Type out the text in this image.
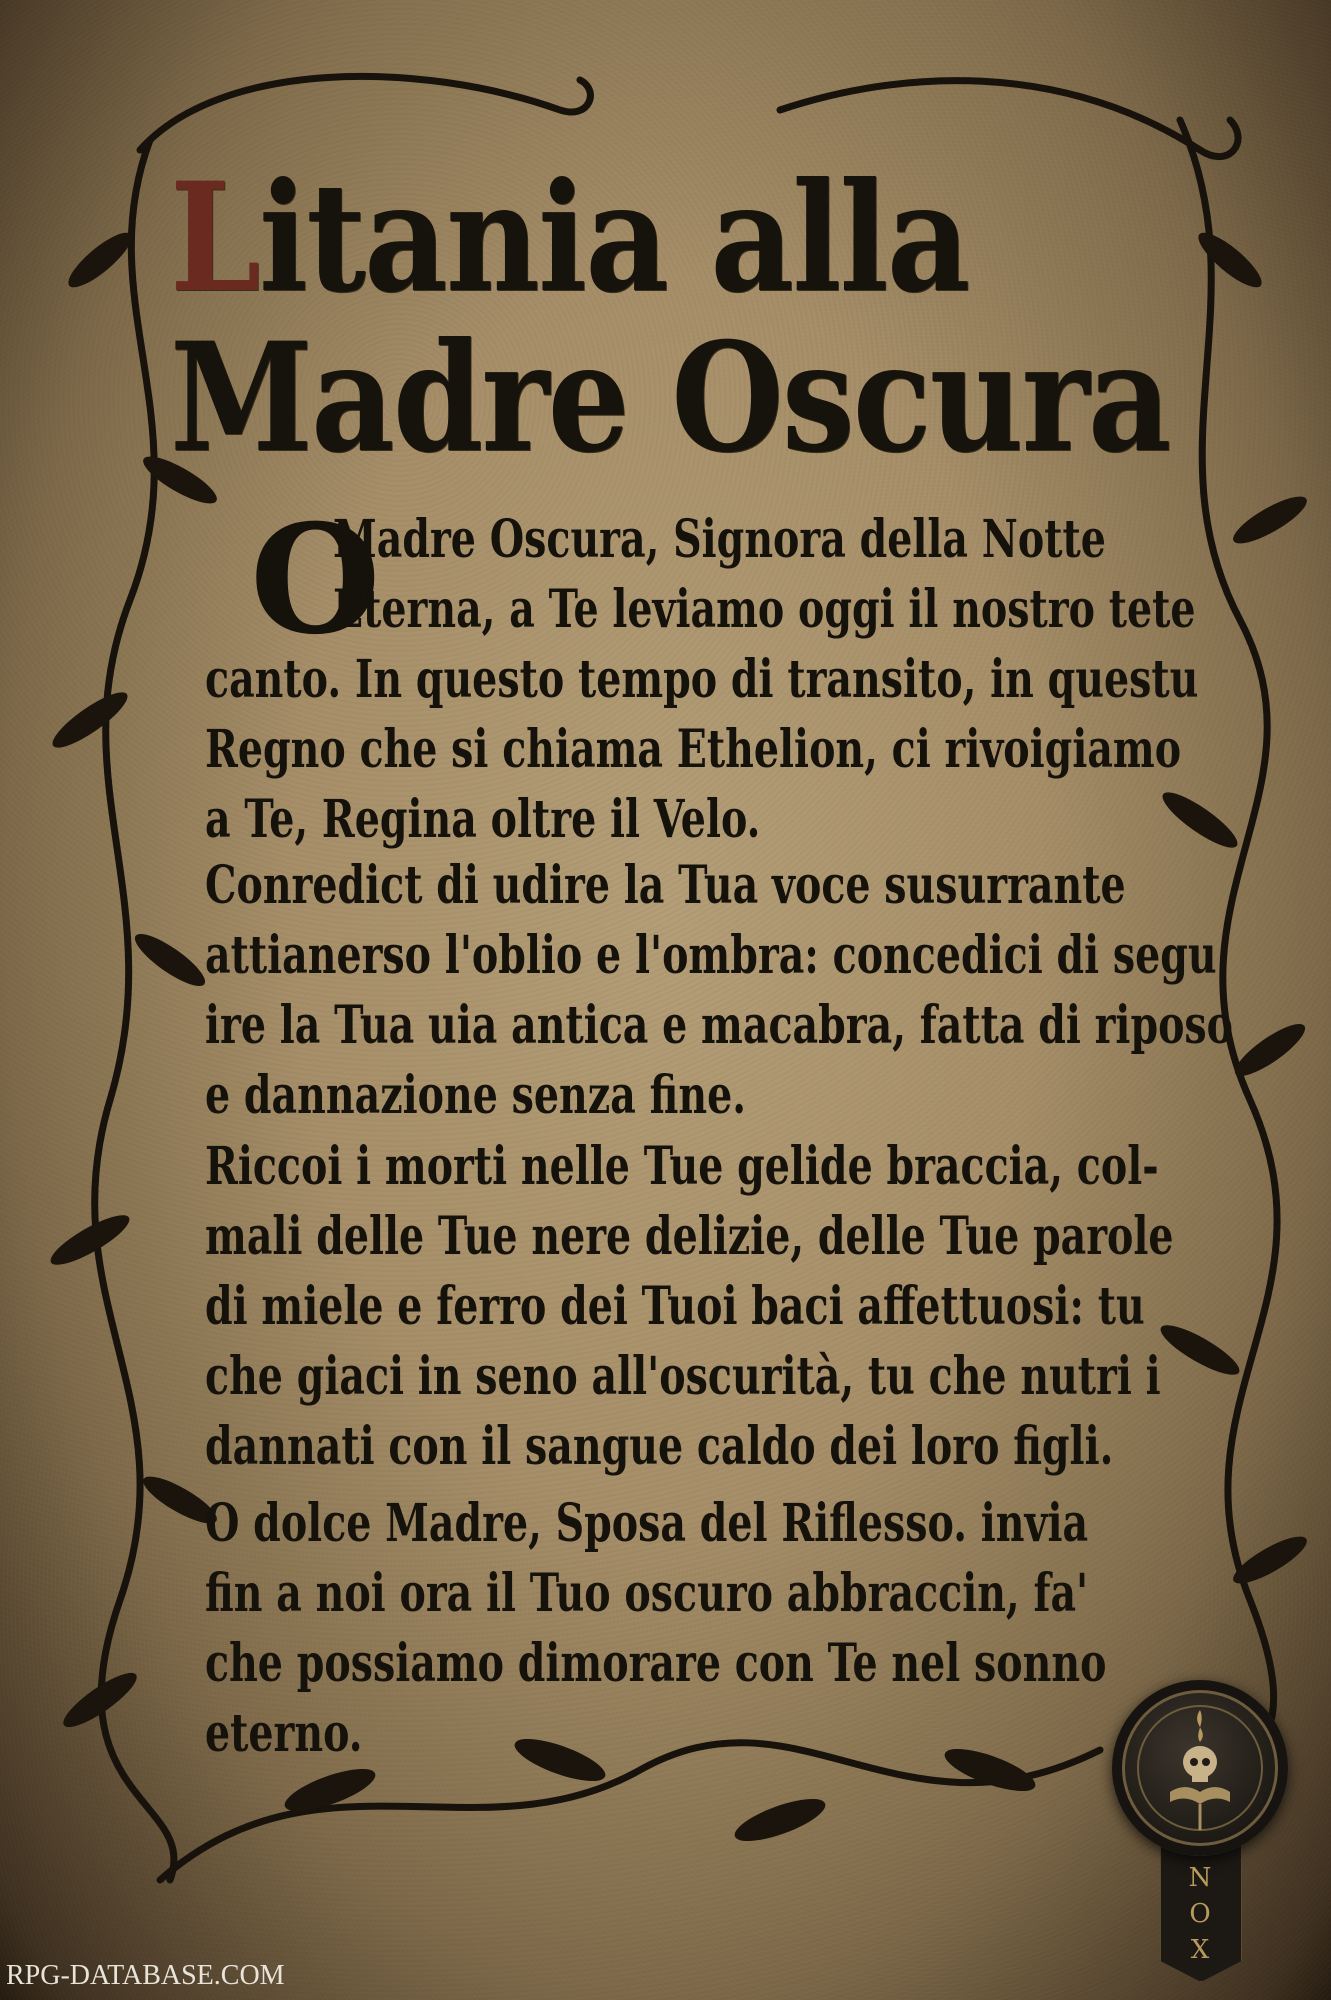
Litania alla
Madre Oscura
O
Madre Oscura, Signora della Notte
Eterna, a Te leviamo oggi il nostro tete
canto. In questo tempo di transito, in questu
Regno che si chiama Ethelion, ci rivoigiamo
a Te, Regina oltre il Velo.
Conredict di udire la Tua voce susurrante
attianerso l'oblio e l'ombra: concedici di segu
ire la Tua uia antica e macabra, fatta di riposo
e dannazione senza fine.
Riccoi i morti nelle Tue gelide braccia, col-
mali delle Tue nere delizie, delle Tue parole
di miele e ferro dei Tuoi baci affettuosi: tu
che giaci in seno all'oscurità, tu che nutri i
dannati con il sangue caldo dei loro figli.
O dolce Madre, Sposa del Riflesso. invia
fin a noi ora il Tuo oscuro abbraccin, fa'
che possiamo dimorare con Te nel sonno
eterno.
N
O
X
RPG-DATABASE.COM
